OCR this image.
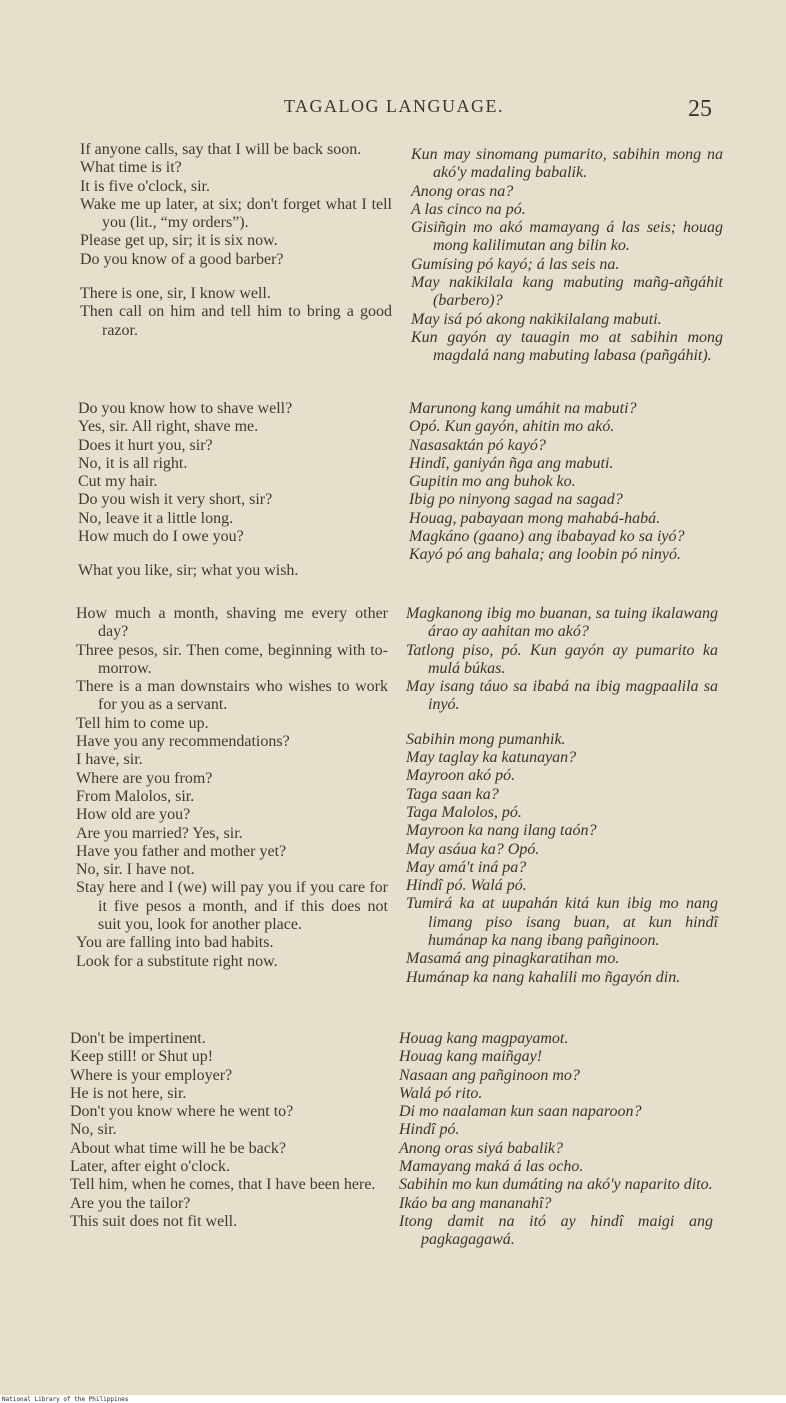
TAGALOG LANGUAGE.	25
If anyone calls, say that I will be back soon.
What time is it?
It is five o'clock, sir.
Wake me up later, at six; don't forget what I tell you (lit., “my orders”).
Please get up, sir; it is six now.
Do you know of a good barber?
There is one, sir, I know well.
Then call on him and tell him to bring a good razor.
Kun may sinomang pumarito, sabihin mong na akó'y madaling babalik.
Anong oras na?
A las cinco na pó.
Gisiñgin mo akó mamayang á las seis; houag mong kalilimutan ang bilin ko.
Gumísing pó kayó; á las seis na.
May nakikilala kang mabuting mañg-añgáhit (barbero)?
May isá pó akong nakikilalang mabuti.
Kun gayón ay tauagin mo at sabihin mong magdalá nang mabuting labasa (pañgáhit).
Do you know how to shave well?
Yes, sir. All right, shave me.
Does it hurt you, sir?
No, it is all right.
Cut my hair.
Do you wish it very short, sir?
No, leave it a little long.
How much do I owe you?
What you like, sir; what you wish.
Marunong kang umáhit na mabuti?
Opó. Kun gayón, ahitin mo akó.
Nasasaktán pó kayó?
Hindî, ganiyán ñga ang mabuti.
Gupitin mo ang buhok ko.
Ibig po ninyong sagad na sagad?
Houag, pabayaan mong mahabá-habá.
Magkáno (gaano) ang ibabayad ko sa iyó?
Kayó pó ang bahala; ang loobin pó ninyó.
How much a month, shaving me every other day?
Three pesos, sir. Then come, beginning with to-morrow.
There is a man downstairs who wishes to work for you as a servant.
Tell him to come up.
Have you any recommendations?
I have, sir.
Where are you from?
From Malolos, sir.
How old are you?
Are you married? Yes, sir.
Have you father and mother yet?
No, sir. I have not.
Stay here and I (we) will pay you if you care for it five pesos a month, and if this does not suit you, look for another place.
You are falling into bad habits.
Look for a substitute right now.
Magkanong ibig mo buanan, sa tuing ikalawang árao ay aahitan mo akó?
Tatlong piso, pó. Kun gayón ay pumarito ka mulá búkas.
May isang táuo sa ibabá na ibig magpaalila sa inyó.
Sabihin mong pumanhik.
May taglay ka katunayan?
Mayroon akó pó.
Taga saan ka?
Taga Malolos, pó.
Mayroon ka nang ilang taón?
May asáua ka? Opó.
May amá't iná pa?
Hindî pó. Walá pó.
Tumirá ka at uupahán kitá kun ibig mo nang limang piso isang buan, at kun hindî humánap ka nang ibang pañginoon.
Masamá ang pinagkaratihan mo.
Humánap ka nang kahalili mo ñgayón din.
Don't be impertinent.
Keep still! or Shut up!
Where is your employer?
He is not here, sir.
Don't you know where he went to?
No, sir.
About what time will he be back?
Later, after eight o'clock.
Tell him, when he comes, that I have been here.
Are you the tailor?
This suit does not fit well.
Houag kang magpayamot.
Houag kang maiñgay!
Nasaan ang pañginoon mo?
Walá pó rito.
Di mo naalaman kun saan naparoon?
Hindî pó.
Anong oras siyá babalik?
Mamayang maká á las ocho.
Sabihin mo kun dumáting na akó'y naparito dito.
Ikáo ba ang mananahî?
Itong damit na itó ay hindî maigi ang pagkagagawá.
National Library of the Philippines
